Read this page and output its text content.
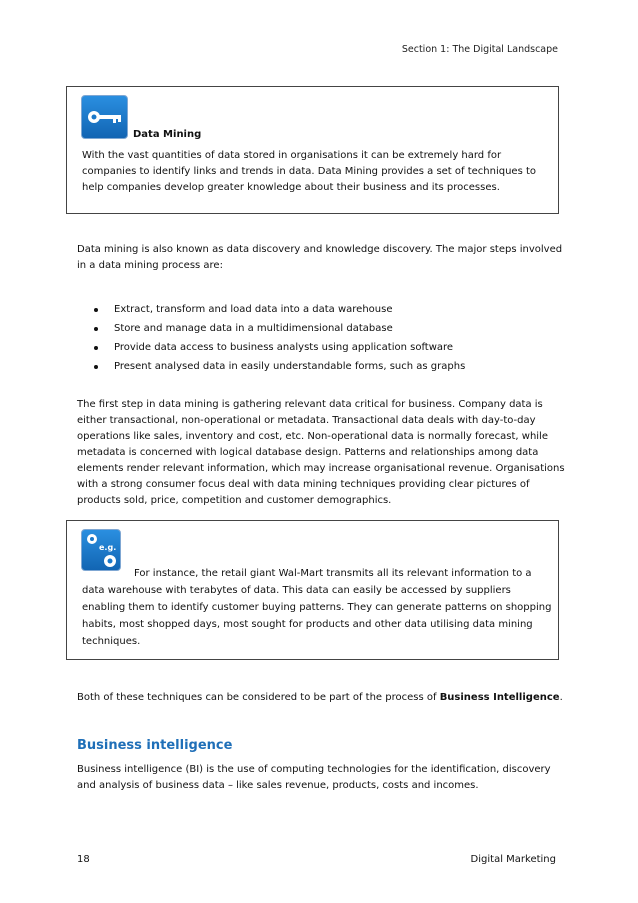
Section 1: The Digital Landscape
Data Mining
With the vast quantities of data stored in organisations it can be extremely hard for companies to identify links and trends in data. Data Mining provides a set of techniques to help companies develop greater knowledge about their business and its processes.
Data mining is also known as data discovery and knowledge discovery. The major steps involved in a data mining process are:
Extract, transform and load data into a data warehouse
Store and manage data in a multidimensional database
Provide data access to business analysts using application software
Present analysed data in easily understandable forms, such as graphs
The first step in data mining is gathering relevant data critical for business. Company data is either transactional, non-operational or metadata. Transactional data deals with day-to-day operations like sales, inventory and cost, etc. Non-operational data is normally forecast, while metadata is concerned with logical database design. Patterns and relationships among data elements render relevant information, which may increase organisational revenue. Organisations with a strong consumer focus deal with data mining techniques providing clear pictures of products sold, price, competition and customer demographics.
e.g.
For instance, the retail giant Wal-Mart transmits all its relevant information to a data warehouse with terabytes of data. This data can easily be accessed by suppliers enabling them to identify customer buying patterns. They can generate patterns on shopping habits, most shopped days, most sought for products and other data utilising data mining techniques.
Both of these techniques can be considered to be part of the process of Business Intelligence.
Business intelligence
Business intelligence (BI) is the use of computing technologies for the identification, discovery and analysis of business data – like sales revenue, products, costs and incomes.
18	Digital Marketing
